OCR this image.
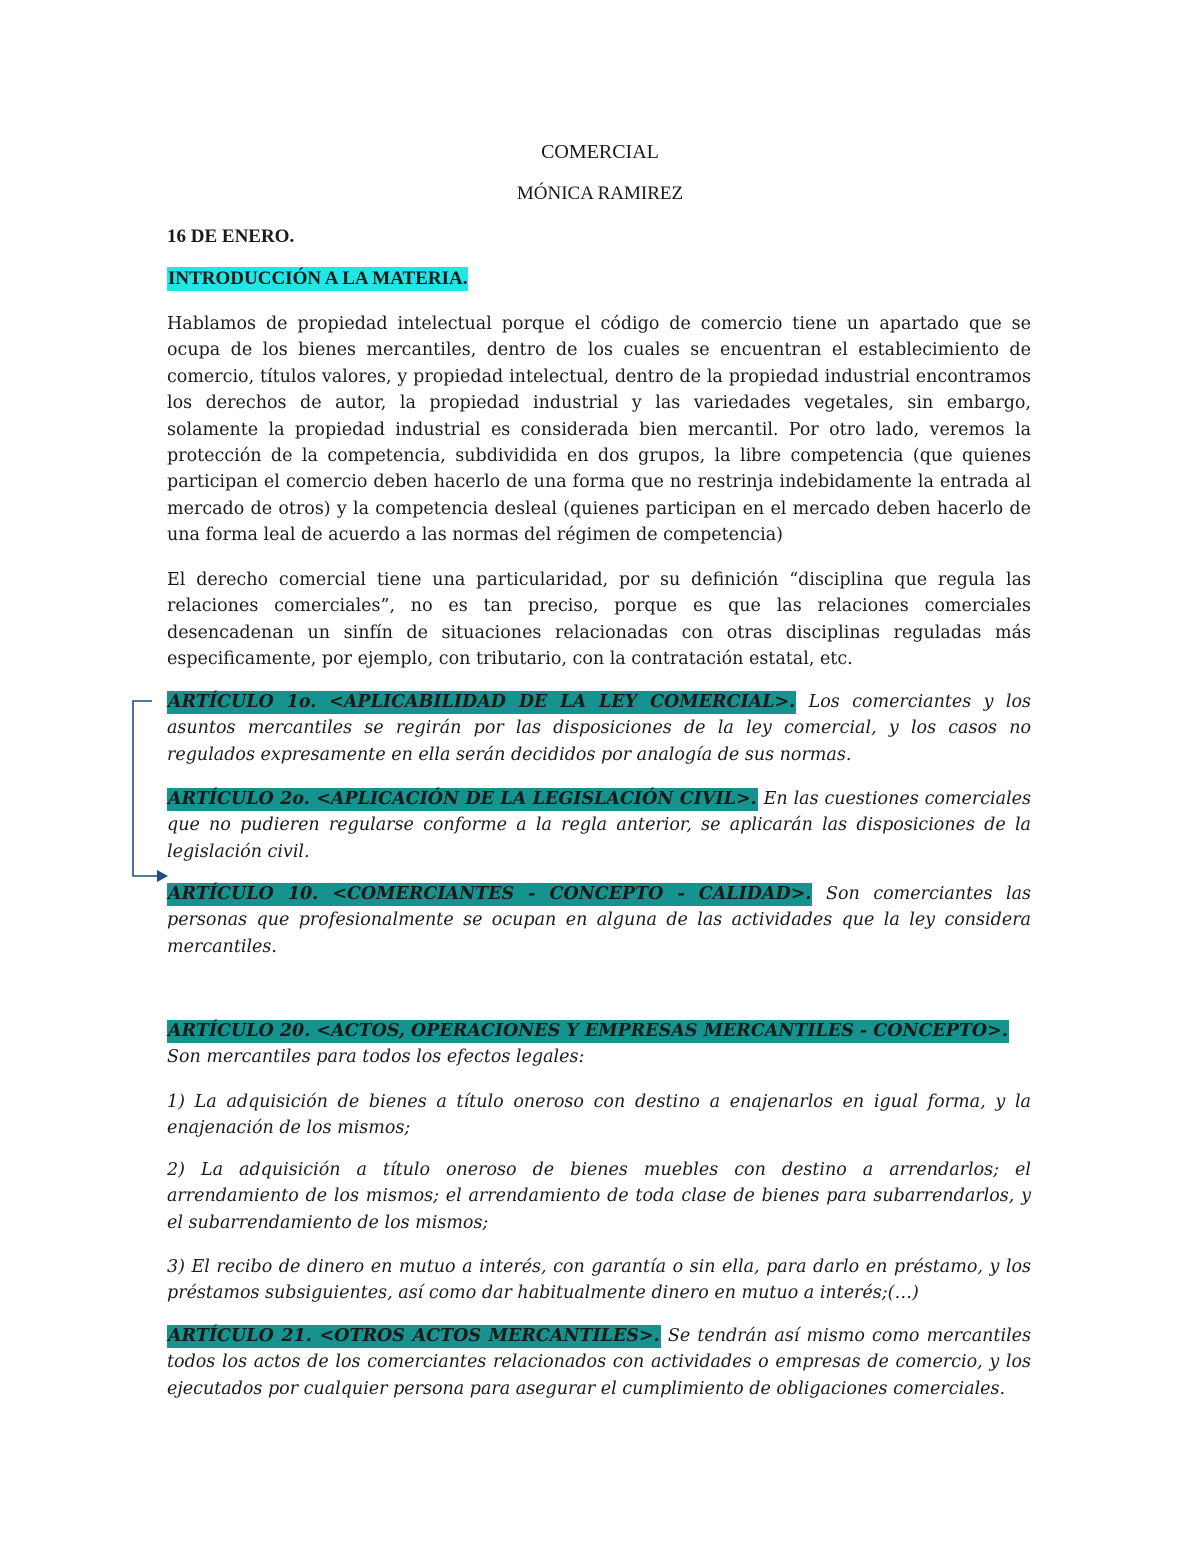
COMERCIAL

MÓNICA RAMIREZ

16 DE ENERO.

INTRODUCCIÓN A LA MATERIA.

Hablamos de propiedad intelectual porque el código de comercio tiene un apartado que se ocupa de los bienes mercantiles, dentro de los cuales se encuentran el establecimiento de comercio, títulos valores, y propiedad intelectual, dentro de la propiedad industrial encontramos los derechos de autor, la propiedad industrial y las variedades vegetales, sin embargo, solamente la propiedad industrial es considerada bien mercantil. Por otro lado, veremos la protección de la competencia, subdividida en dos grupos, la libre competencia (que quienes participan el comercio deben hacerlo de una forma que no restrinja indebidamente la entrada al mercado de otros) y la competencia desleal (quienes participan en el mercado deben hacerlo de una forma leal de acuerdo a las normas del régimen de competencia)

El derecho comercial tiene una particularidad, por su definición “disciplina que regula las relaciones comerciales”, no es tan preciso, porque es que las relaciones comerciales desencadenan un sinfín de situaciones relacionadas con otras disciplinas reguladas más especificamente, por ejemplo, con tributario, con la contratación estatal, etc.

ARTÍCULO 1o. <APLICABILIDAD DE LA LEY COMERCIAL>. Los comerciantes y los asuntos mercantiles se regirán por las disposiciones de la ley comercial, y los casos no regulados expresamente en ella serán decididos por analogía de sus normas.

ARTÍCULO 2o. <APLICACIÓN DE LA LEGISLACIÓN CIVIL>. En las cuestiones comerciales que no pudieren regularse conforme a la regla anterior, se aplicarán las disposiciones de la legislación civil.

ARTÍCULO 10. <COMERCIANTES - CONCEPTO - CALIDAD>. Son comerciantes las personas que profesionalmente se ocupan en alguna de las actividades que la ley considera mercantiles.

ARTÍCULO 20. <ACTOS, OPERACIONES Y EMPRESAS MERCANTILES - CONCEPTO>.
Son mercantiles para todos los efectos legales:

1) La adquisición de bienes a título oneroso con destino a enajenarlos en igual forma, y la enajenación de los mismos;

2) La adquisición a título oneroso de bienes muebles con destino a arrendarlos; el arrendamiento de los mismos; el arrendamiento de toda clase de bienes para subarrendarlos, y el subarrendamiento de los mismos;

3) El recibo de dinero en mutuo a interés, con garantía o sin ella, para darlo en préstamo, y los préstamos subsiguientes, así como dar habitualmente dinero en mutuo a interés;(…)

ARTÍCULO 21. <OTROS ACTOS MERCANTILES>. Se tendrán así mismo como mercantiles todos los actos de los comerciantes relacionados con actividades o empresas de comercio, y los ejecutados por cualquier persona para asegurar el cumplimiento de obligaciones comerciales.
